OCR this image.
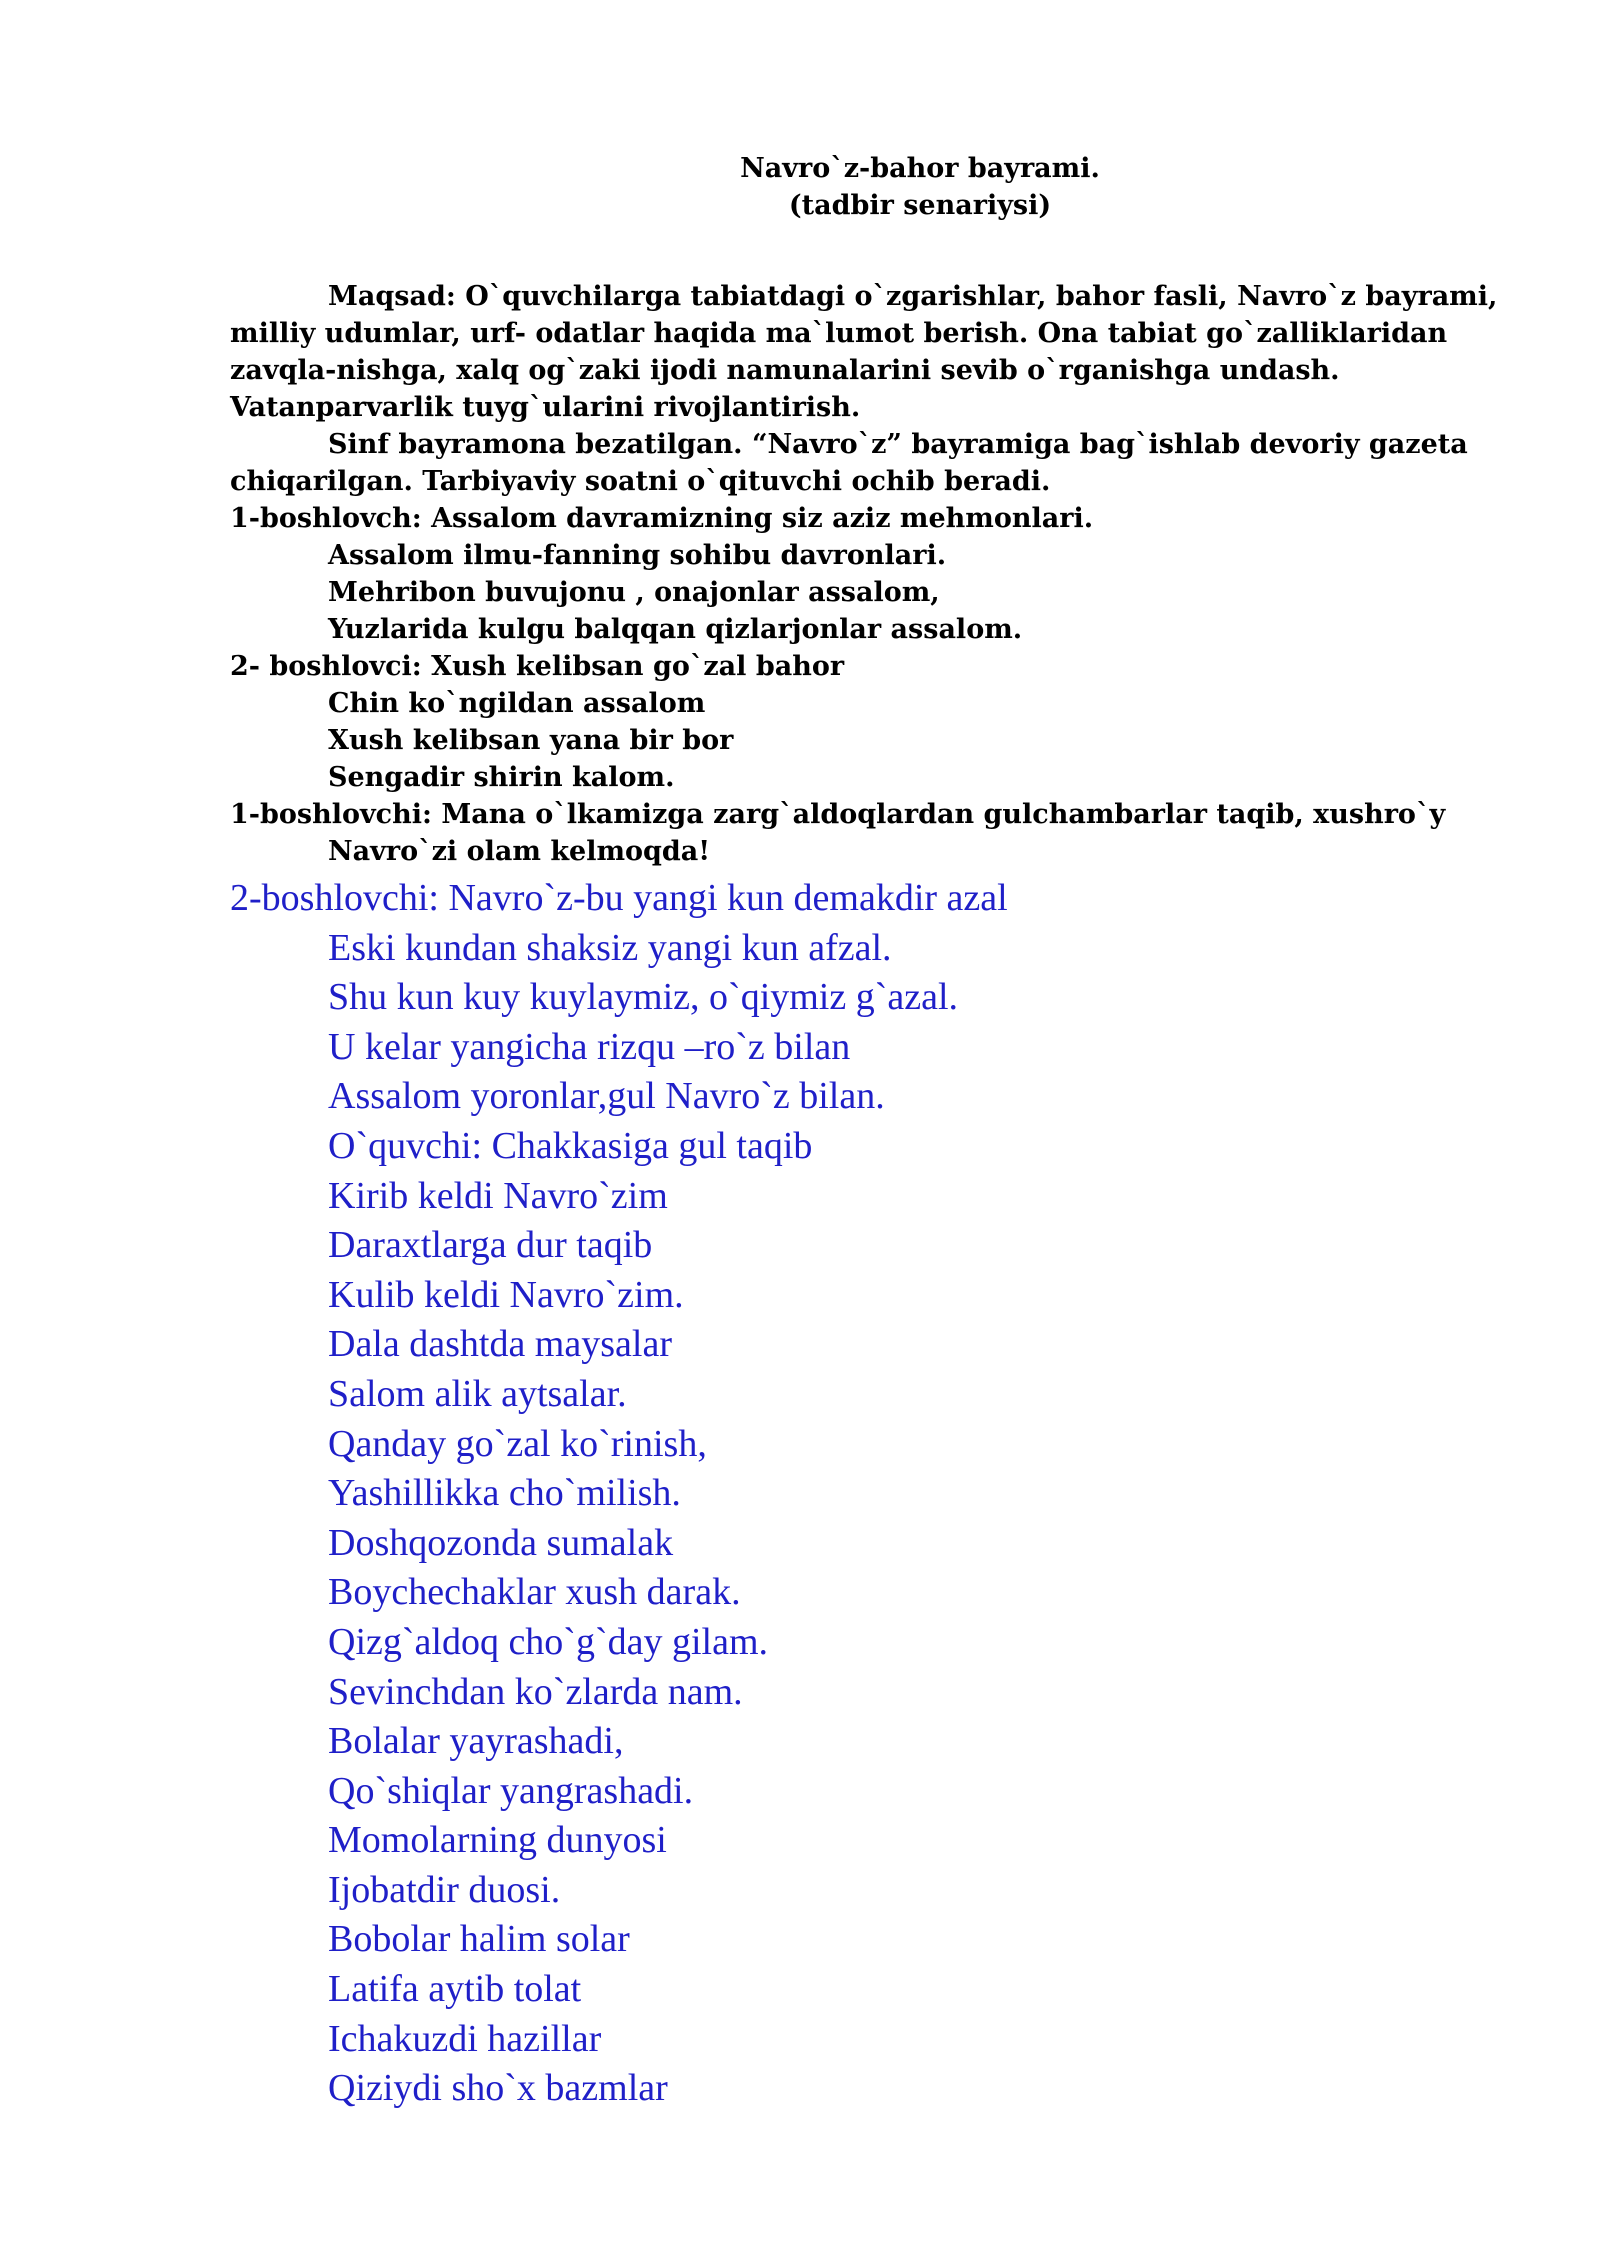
Navro`z-bahor bayrami.
(tadbir senariysi)
Maqsad: O`quvchilarga tabiatdagi o`zgarishlar, bahor fasli, Navro`z bayrami,
milliy udumlar, urf- odatlar haqida ma`lumot berish. Ona tabiat go`zalliklaridan
zavqla-nishga, xalq og`zaki ijodi namunalarini sevib o`rganishga undash.
Vatanparvarlik tuyg`ularini rivojlantirish.
Sinf bayramona bezatilgan. “Navro`z” bayramiga bag`ishlab devoriy gazeta
chiqarilgan. Tarbiyaviy soatni o`qituvchi ochib beradi.
1-boshlovch: Assalom davramizning siz aziz mehmonlari.
Assalom ilmu-fanning sohibu davronlari.
Mehribon buvujonu , onajonlar assalom,
Yuzlarida kulgu balqqan qizlarjonlar assalom.
2- boshlovci: Xush kelibsan go`zal bahor
Chin ko`ngildan assalom
Xush kelibsan yana bir bor
Sengadir shirin kalom.
1-boshlovchi: Mana o`lkamizga zarg`aldoqlardan gulchambarlar taqib, xushro`y
Navro`zi olam kelmoqda!
2-boshlovchi: Navro`z-bu yangi kun demakdir azal
Eski kundan shaksiz yangi kun afzal.
Shu kun kuy kuylaymiz, o`qiymiz g`azal.
U kelar yangicha rizqu –ro`z bilan
Assalom yoronlar,gul Navro`z bilan.
O`quvchi: Chakkasiga gul taqib
Kirib keldi Navro`zim
Daraxtlarga dur taqib
Kulib keldi Navro`zim.
Dala dashtda maysalar
Salom alik aytsalar.
Qanday go`zal ko`rinish,
Yashillikka cho`milish.
Doshqozonda sumalak
Boychechaklar xush darak.
Qizg`aldoq cho`g`day gilam.
Sevinchdan ko`zlarda nam.
Bolalar yayrashadi,
Qo`shiqlar yangrashadi.
Momolarning dunyosi
Ijobatdir duosi.
Bobolar halim solar
Latifa aytib tolat
Ichakuzdi hazillar
Qiziydi sho`x bazmlar
